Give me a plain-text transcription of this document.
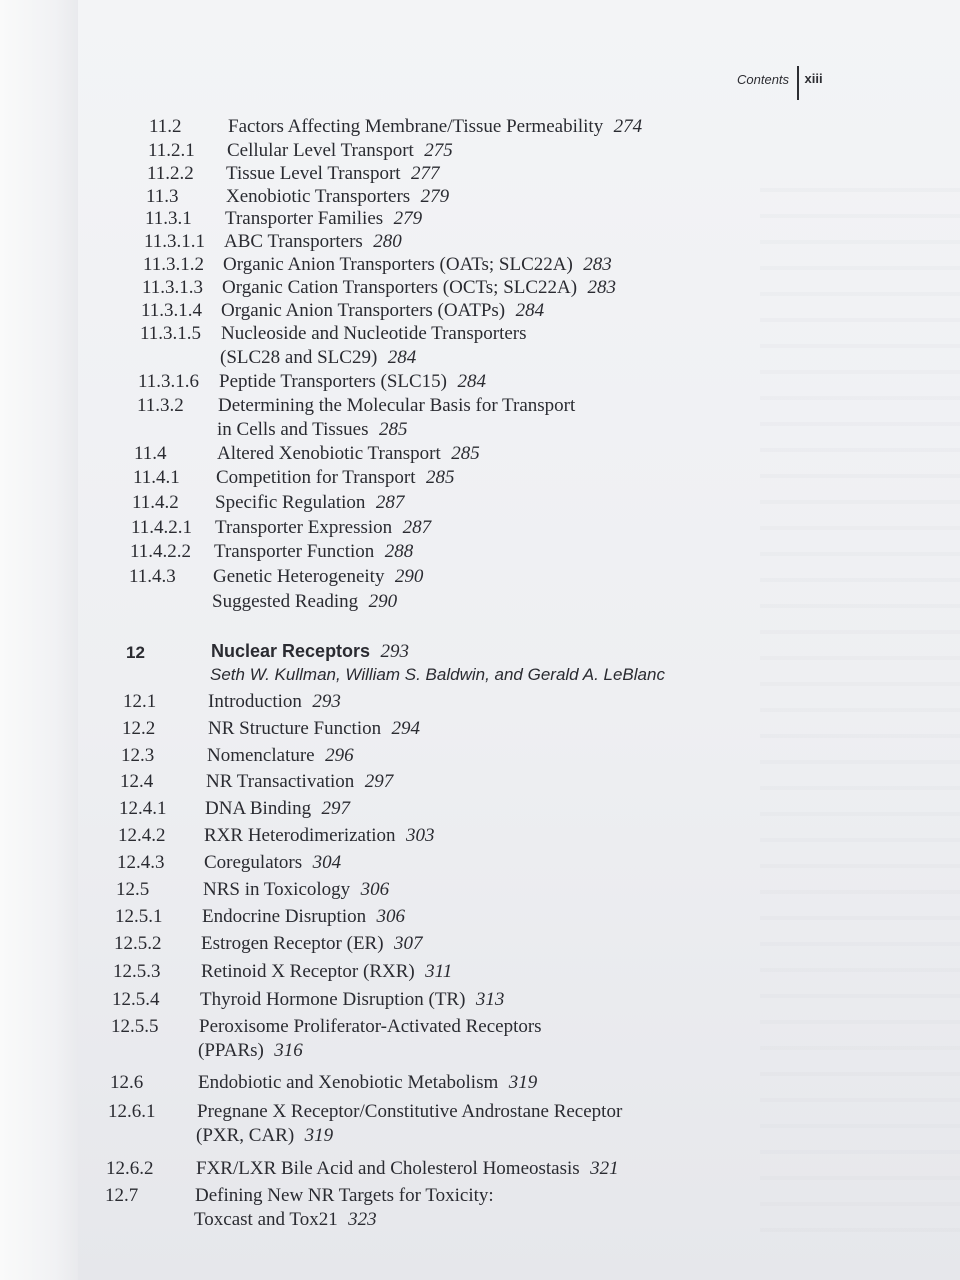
Contents xiii
11.2 Factors Affecting Membrane/Tissue Permeability 274
11.2.1 Cellular Level Transport 275
11.2.2 Tissue Level Transport 277
11.3 Xenobiotic Transporters 279
11.3.1 Transporter Families 279
11.3.1.1 ABC Transporters 280
11.3.1.2 Organic Anion Transporters (OATs; SLC22A) 283
11.3.1.3 Organic Cation Transporters (OCTs; SLC22A) 283
11.3.1.4 Organic Anion Transporters (OATPs) 284
11.3.1.5 Nucleoside and Nucleotide Transporters
(SLC28 and SLC29) 284
11.3.1.6 Peptide Transporters (SLC15) 284
11.3.2 Determining the Molecular Basis for Transport
in Cells and Tissues 285
11.4	Altered Xenobiotic Transport 285
11.4.1 Competition for Transport 285
11.4.2 Specific Regulation 287
11.4.2.1 Transporter Expression 287
11.4.2.2 Transporter Function 288
11.4.3 Genetic Heterogeneity 290
Suggested Reading 290
12	Nuclear Receptors 293
Seth W. Kullman, William S. Baldwin, and Gerald A. LeBlanc
12.1	Introduction 293
12.2	NR Structure Function 294
12.3	Nomenclature 296
12.4	NR Transactivation 297
12.4.1 DNA Binding 297
12.4.2 RXR Heterodimerization 303
12.4.3 Coregulators 304
12.5	NRS in Toxicology 306
12.5.1 Endocrine Disruption 306
12.5.2 Estrogen Receptor (ER) 307
12.5.3 Retinoid X Receptor (RXR) 311
12.5.4 Thyroid Hormone Disruption (TR) 313
12.5.5 Peroxisome Proliferator-Activated Receptors
(PPARs) 316
12.6	Endobiotic and Xenobiotic Metabolism 319
12.6.1 Pregnane X Receptor/Constitutive Androstane Receptor
(PXR, CAR) 319
12.6.2 FXR/LXR Bile Acid and Cholesterol Homeostasis 321
12.7	Defining New NR Targets for Toxicity:
Toxcast and Tox21 323
